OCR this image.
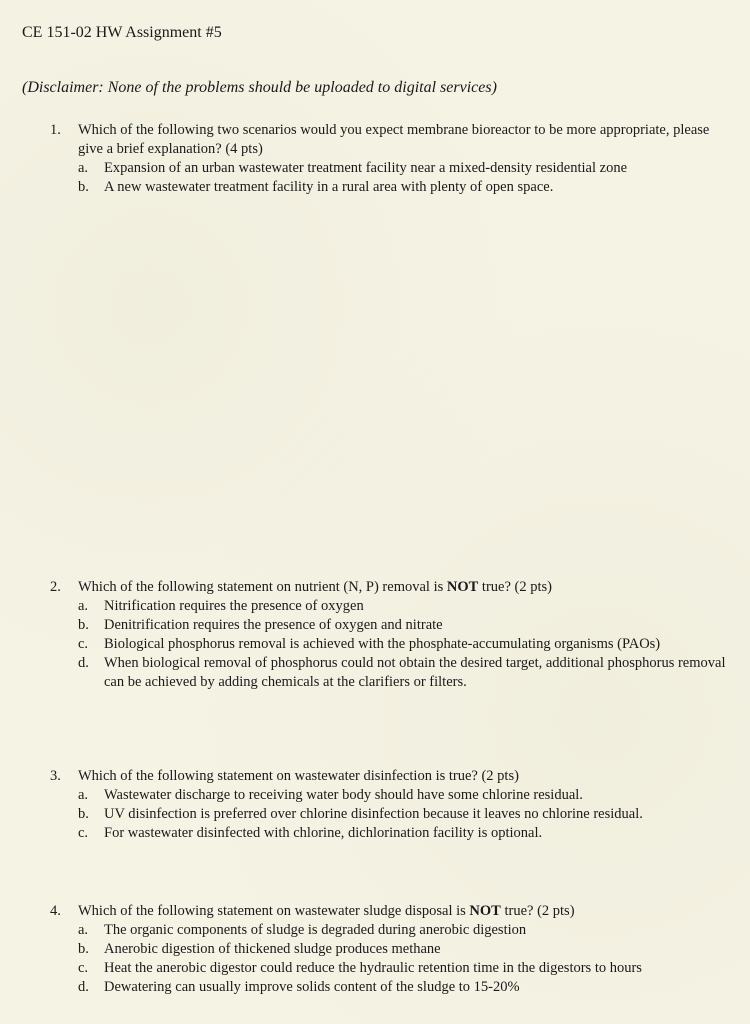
CE 151-02 HW Assignment #5
(Disclaimer: None of the problems should be uploaded to digital services)
1. Which of the following two scenarios would you expect membrane bioreactor to be more appropriate, please give a brief explanation? (4 pts)
a. Expansion of an urban wastewater treatment facility near a mixed-density residential zone
b. A new wastewater treatment facility in a rural area with plenty of open space.
2. Which of the following statement on nutrient (N, P) removal is NOT true? (2 pts)
a. Nitrification requires the presence of oxygen
b. Denitrification requires the presence of oxygen and nitrate
c. Biological phosphorus removal is achieved with the phosphate-accumulating organisms (PAOs)
d. When biological removal of phosphorus could not obtain the desired target, additional phosphorus removal can be achieved by adding chemicals at the clarifiers or filters.
3. Which of the following statement on wastewater disinfection is true? (2 pts)
a. Wastewater discharge to receiving water body should have some chlorine residual.
b. UV disinfection is preferred over chlorine disinfection because it leaves no chlorine residual.
c. For wastewater disinfected with chlorine, dichlorination facility is optional.
4. Which of the following statement on wastewater sludge disposal is NOT true? (2 pts)
a. The organic components of sludge is degraded during anerobic digestion
b. Anerobic digestion of thickened sludge produces methane
c. Heat the anerobic digestor could reduce the hydraulic retention time in the digestors to hours
d. Dewatering can usually improve solids content of the sludge to 15-20%
